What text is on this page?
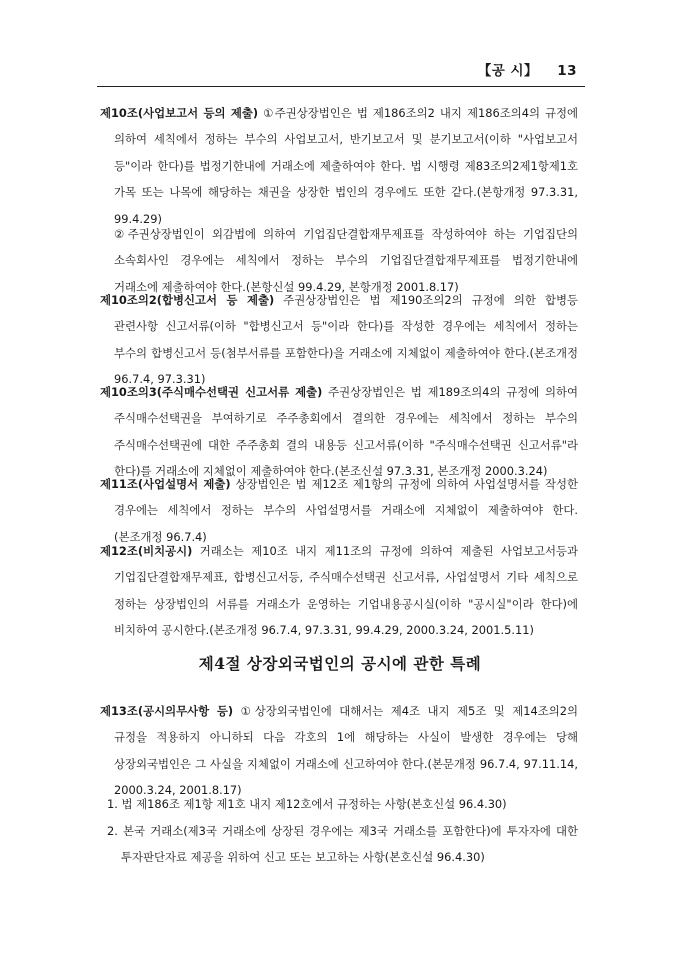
【공 시】 13

제10조(사업보고서 등의 제출) ①주권상장법인은 법 제186조의2 내지 제186조의4의 규정에 의하여 세칙에서 정하는 부수의 사업보고서, 반기보고서 및 분기보고서(이하 "사업보고서 등"이라 한다)를 법정기한내에 거래소에 제출하여야 한다. 법 시행령 제83조의2제1항제1호 가목 또는 나목에 해당하는 채권을 상장한 법인의 경우에도 또한 같다.(본항개정 97.3.31, 99.4.29)

②주권상장법인이 외감법에 의하여 기업집단결합재무제표를 작성하여야 하는 기업집단의 소속회사인 경우에는 세칙에서 정하는 부수의 기업집단결합재무제표를 법정기한내에 거래소에 제출하여야 한다.(본항신설 99.4.29, 본항개정 2001.8.17)

제10조의2(합병신고서 등 제출) 주권상장법인은 법 제190조의2의 규정에 의한 합병등 관련사항 신고서류(이하 "합병신고서 등"이라 한다)를 작성한 경우에는 세칙에서 정하는 부수의 합병신고서 등(첨부서류를 포함한다)을 거래소에 지체없이 제출하여야 한다.(본조개정 96.7.4, 97.3.31)

제10조의3(주식매수선택권 신고서류 제출) 주권상장법인은 법 제189조의4의 규정에 의하여 주식매수선택권을 부여하기로 주주총회에서 결의한 경우에는 세칙에서 정하는 부수의 주식매수선택권에 대한 주주총회 결의 내용등 신고서류(이하 "주식매수선택권 신고서류"라 한다)를 거래소에 지체없이 제출하여야 한다.(본조신설 97.3.31, 본조개정 2000.3.24)

제11조(사업설명서 제출) 상장법인은 법 제12조 제1항의 규정에 의하여 사업설명서를 작성한 경우에는 세칙에서 정하는 부수의 사업설명서를 거래소에 지체없이 제출하여야 한다.(본조개정 96.7.4)

제12조(비치공시) 거래소는 제10조 내지 제11조의 규정에 의하여 제출된 사업보고서등과 기업집단결합재무제표, 합병신고서등, 주식매수선택권 신고서류, 사업설명서 기타 세칙으로 정하는 상장법인의 서류를 거래소가 운영하는 기업내용공시실(이하 "공시실"이라 한다)에 비치하여 공시한다.(본조개정 96.7.4, 97.3.31, 99.4.29, 2000.3.24, 2001.5.11)

제4절 상장외국법인의 공시에 관한 특례

제13조(공시의무사항 등) ①상장외국법인에 대해서는 제4조 내지 제5조 및 제14조의2의 규정을 적용하지 아니하되 다음 각호의 1에 해당하는 사실이 발생한 경우에는 당해 상장외국법인은 그 사실을 지체없이 거래소에 신고하여야 한다.(본문개정 96.7.4, 97.11.14, 2000.3.24, 2001.8.17)

1. 법 제186조 제1항 제1호 내지 제12호에서 규정하는 사항(본호신설 96.4.30)

2. 본국 거래소(제3국 거래소에 상장된 경우에는 제3국 거래소를 포함한다)에 투자자에 대한 투자판단자료 제공을 위하여 신고 또는 보고하는 사항(본호신설 96.4.30)
